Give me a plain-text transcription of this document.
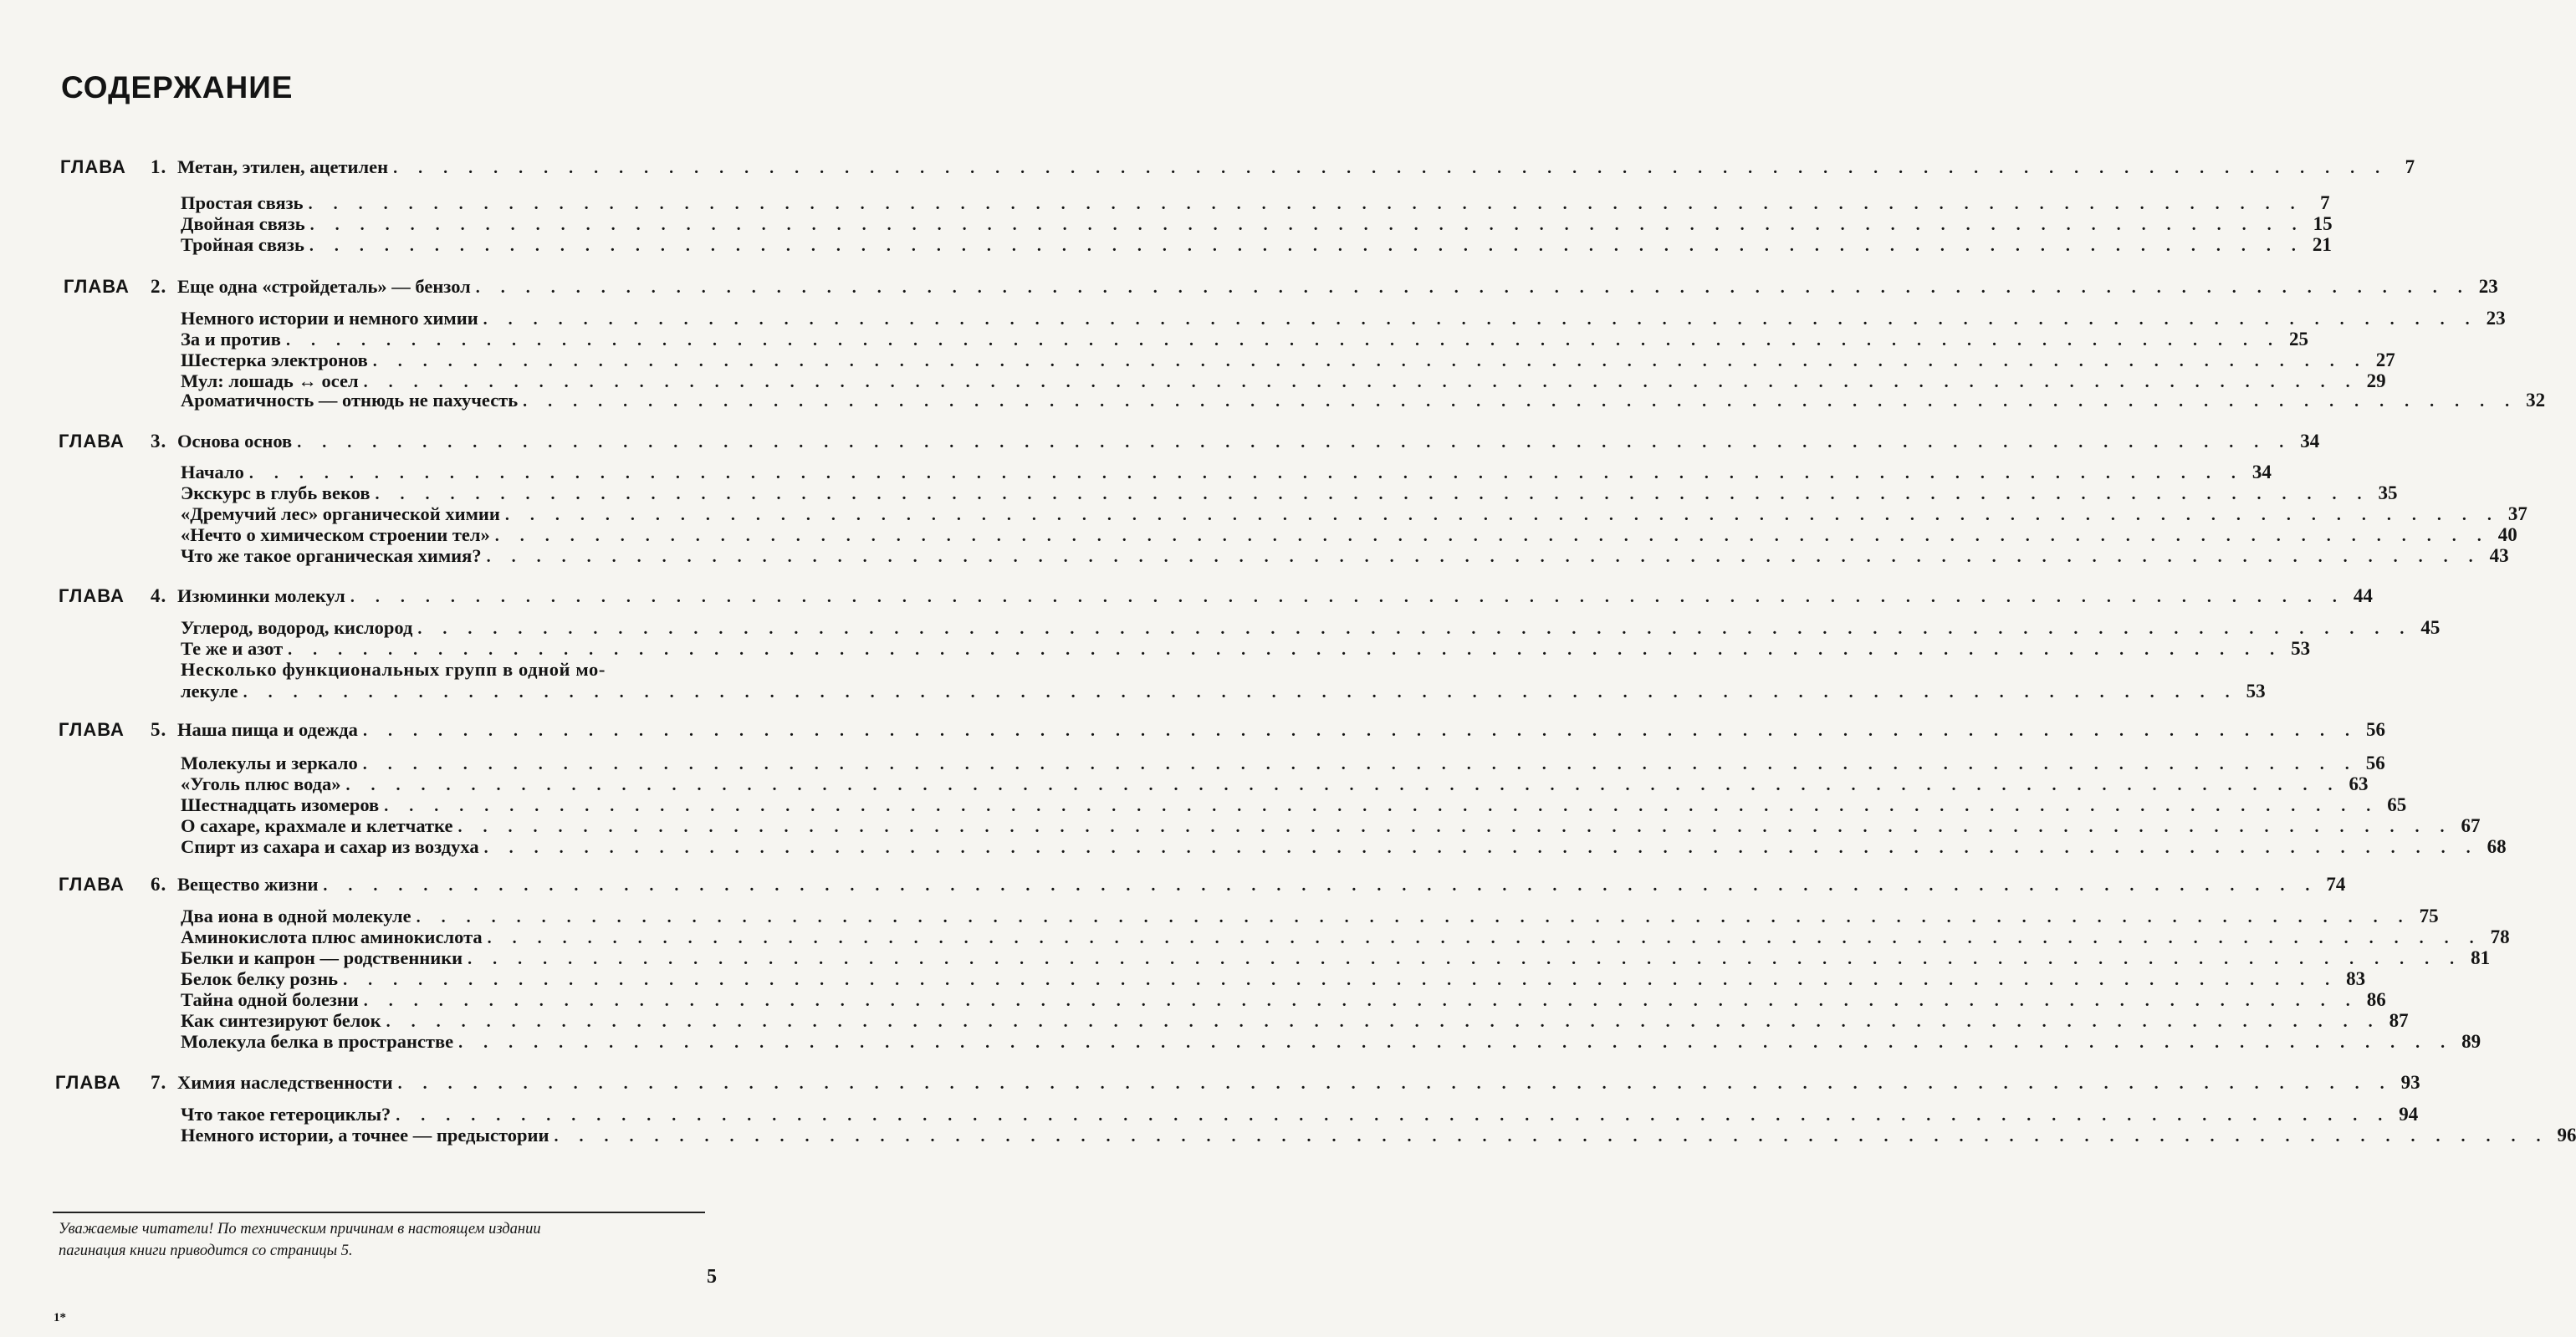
СОДЕРЖАНИЕ
ГЛАВА 1. Метан, этилен, ацетилен . . . . . . . . . . . . . . . . . . . . . . . . . . . . . . . . . . . . . . . . . . . . . . . . . . . . . . . . . . . . . . . . . . . . . . . . . . . . . . . . 7
Простая связь . . . . . . . . . . . . . . . . . . . . . . . . . . . . . . . . . . . . . . . . . . . . . . . . . . . . . . . . . . . . . . . . . . . . . . . . . . . . . . . . 7
Двойная связь . . . . . . . . . . . . . . . . . . . . . . . . . . . . . . . . . . . . . . . . . . . . . . . . . . . . . . . . . . . . . . . . . . . . . . . . . . . . . . . . 15
Тройная связь . . . . . . . . . . . . . . . . . . . . . . . . . . . . . . . . . . . . . . . . . . . . . . . . . . . . . . . . . . . . . . . . . . . . . . . . . . . . . . . . 21
ГЛАВА 2. Еще одна «стройдеталь» — бензол . . . . . . . . . . . . . . . . . . . . . . . . . . . . . . . . . . . . . . . . . . . . . . . . . . . . . . . . . . . . . . . . . . . . . . . . . . . . . . . . 23
Немного истории и немного химии . . . . . . . . . . . . . . . . . . . . . . . . . . . . . . . . . . . . . . . . . . . . . . . . . . . . . . . . . . . . . . . . . . . . . . . . . . . . . . . . 23
За и против . . . . . . . . . . . . . . . . . . . . . . . . . . . . . . . . . . . . . . . . . . . . . . . . . . . . . . . . . . . . . . . . . . . . . . . . . . . . . . . . 25
Шестерка электронов . . . . . . . . . . . . . . . . . . . . . . . . . . . . . . . . . . . . . . . . . . . . . . . . . . . . . . . . . . . . . . . . . . . . . . . . . . . . . . . . 27
Мул: лошадь ↔ осел . . . . . . . . . . . . . . . . . . . . . . . . . . . . . . . . . . . . . . . . . . . . . . . . . . . . . . . . . . . . . . . . . . . . . . . . . . . . . . . . 29
Ароматичность — отнюдь не пахучесть . . . . . . . . . . . . . . . . . . . . . . . . . . . . . . . . . . . . . . . . . . . . . . . . . . . . . . . . . . . . . . . . . . . . . . . . . . . . . . . . 32
ГЛАВА 3. Основа основ . . . . . . . . . . . . . . . . . . . . . . . . . . . . . . . . . . . . . . . . . . . . . . . . . . . . . . . . . . . . . . . . . . . . . . . . . . . . . . . . 34
Начало . . . . . . . . . . . . . . . . . . . . . . . . . . . . . . . . . . . . . . . . . . . . . . . . . . . . . . . . . . . . . . . . . . . . . . . . . . . . . . . . 34
Экскурс в глубь веков . . . . . . . . . . . . . . . . . . . . . . . . . . . . . . . . . . . . . . . . . . . . . . . . . . . . . . . . . . . . . . . . . . . . . . . . . . . . . . . . 35
«Дремучий лес» органической химии . . . . . . . . . . . . . . . . . . . . . . . . . . . . . . . . . . . . . . . . . . . . . . . . . . . . . . . . . . . . . . . . . . . . . . . . . . . . . . . . 37
«Нечто о химическом строении тел» . . . . . . . . . . . . . . . . . . . . . . . . . . . . . . . . . . . . . . . . . . . . . . . . . . . . . . . . . . . . . . . . . . . . . . . . . . . . . . . . 40
Что же такое органическая химия? . . . . . . . . . . . . . . . . . . . . . . . . . . . . . . . . . . . . . . . . . . . . . . . . . . . . . . . . . . . . . . . . . . . . . . . . . . . . . . . . 43
ГЛАВА 4. Изюминки молекул . . . . . . . . . . . . . . . . . . . . . . . . . . . . . . . . . . . . . . . . . . . . . . . . . . . . . . . . . . . . . . . . . . . . . . . . . . . . . . . . 44
Углерод, водород, кислород . . . . . . . . . . . . . . . . . . . . . . . . . . . . . . . . . . . . . . . . . . . . . . . . . . . . . . . . . . . . . . . . . . . . . . . . . . . . . . . . 45
Те же и азот . . . . . . . . . . . . . . . . . . . . . . . . . . . . . . . . . . . . . . . . . . . . . . . . . . . . . . . . . . . . . . . . . . . . . . . . . . . . . . . . 53
Несколько функциональных групп в одной мо-
лекуле . . . . . . . . . . . . . . . . . . . . . . . . . . . . . . . . . . . . . . . . . . . . . . . . . . . . . . . . . . . . . . . . . . . . . . . . . . . . . . . . 53
ГЛАВА 5. Наша пища и одежда . . . . . . . . . . . . . . . . . . . . . . . . . . . . . . . . . . . . . . . . . . . . . . . . . . . . . . . . . . . . . . . . . . . . . . . . . . . . . . . . 56
Молекулы и зеркало . . . . . . . . . . . . . . . . . . . . . . . . . . . . . . . . . . . . . . . . . . . . . . . . . . . . . . . . . . . . . . . . . . . . . . . . . . . . . . . . 56
«Уголь плюс вода» . . . . . . . . . . . . . . . . . . . . . . . . . . . . . . . . . . . . . . . . . . . . . . . . . . . . . . . . . . . . . . . . . . . . . . . . . . . . . . . . 63
Шестнадцать изомеров . . . . . . . . . . . . . . . . . . . . . . . . . . . . . . . . . . . . . . . . . . . . . . . . . . . . . . . . . . . . . . . . . . . . . . . . . . . . . . . . 65
О сахаре, крахмале и клетчатке . . . . . . . . . . . . . . . . . . . . . . . . . . . . . . . . . . . . . . . . . . . . . . . . . . . . . . . . . . . . . . . . . . . . . . . . . . . . . . . . 67
Спирт из сахара и сахар из воздуха . . . . . . . . . . . . . . . . . . . . . . . . . . . . . . . . . . . . . . . . . . . . . . . . . . . . . . . . . . . . . . . . . . . . . . . . . . . . . . . . 68
ГЛАВА 6. Вещество жизни . . . . . . . . . . . . . . . . . . . . . . . . . . . . . . . . . . . . . . . . . . . . . . . . . . . . . . . . . . . . . . . . . . . . . . . . . . . . . . . . 74
Два иона в одной молекуле . . . . . . . . . . . . . . . . . . . . . . . . . . . . . . . . . . . . . . . . . . . . . . . . . . . . . . . . . . . . . . . . . . . . . . . . . . . . . . . . 75
Аминокислота плюс аминокислота . . . . . . . . . . . . . . . . . . . . . . . . . . . . . . . . . . . . . . . . . . . . . . . . . . . . . . . . . . . . . . . . . . . . . . . . . . . . . . . . 78
Белки и капрон — родственники . . . . . . . . . . . . . . . . . . . . . . . . . . . . . . . . . . . . . . . . . . . . . . . . . . . . . . . . . . . . . . . . . . . . . . . . . . . . . . . . 81
Белок белку рознь . . . . . . . . . . . . . . . . . . . . . . . . . . . . . . . . . . . . . . . . . . . . . . . . . . . . . . . . . . . . . . . . . . . . . . . . . . . . . . . . 83
Тайна одной болезни . . . . . . . . . . . . . . . . . . . . . . . . . . . . . . . . . . . . . . . . . . . . . . . . . . . . . . . . . . . . . . . . . . . . . . . . . . . . . . . . 86
Как синтезируют белок . . . . . . . . . . . . . . . . . . . . . . . . . . . . . . . . . . . . . . . . . . . . . . . . . . . . . . . . . . . . . . . . . . . . . . . . . . . . . . . . 87
Молекула белка в пространстве . . . . . . . . . . . . . . . . . . . . . . . . . . . . . . . . . . . . . . . . . . . . . . . . . . . . . . . . . . . . . . . . . . . . . . . . . . . . . . . . 89
ГЛАВА 7. Химия наследственности . . . . . . . . . . . . . . . . . . . . . . . . . . . . . . . . . . . . . . . . . . . . . . . . . . . . . . . . . . . . . . . . . . . . . . . . . . . . . . . . 93
Что такое гетероциклы? . . . . . . . . . . . . . . . . . . . . . . . . . . . . . . . . . . . . . . . . . . . . . . . . . . . . . . . . . . . . . . . . . . . . . . . . . . . . . . . . 94
Немного истории, а точнее — предыстории . . . . . . . . . . . . . . . . . . . . . . . . . . . . . . . . . . . . . . . . . . . . . . . . . . . . . . . . . . . . . . . . . . . . . . . . . . . . . . . . 96

Уважаемые читатели! По техническим причинам в настоящем издании

пагинация книги приводится со страницы 5.

5
1*
